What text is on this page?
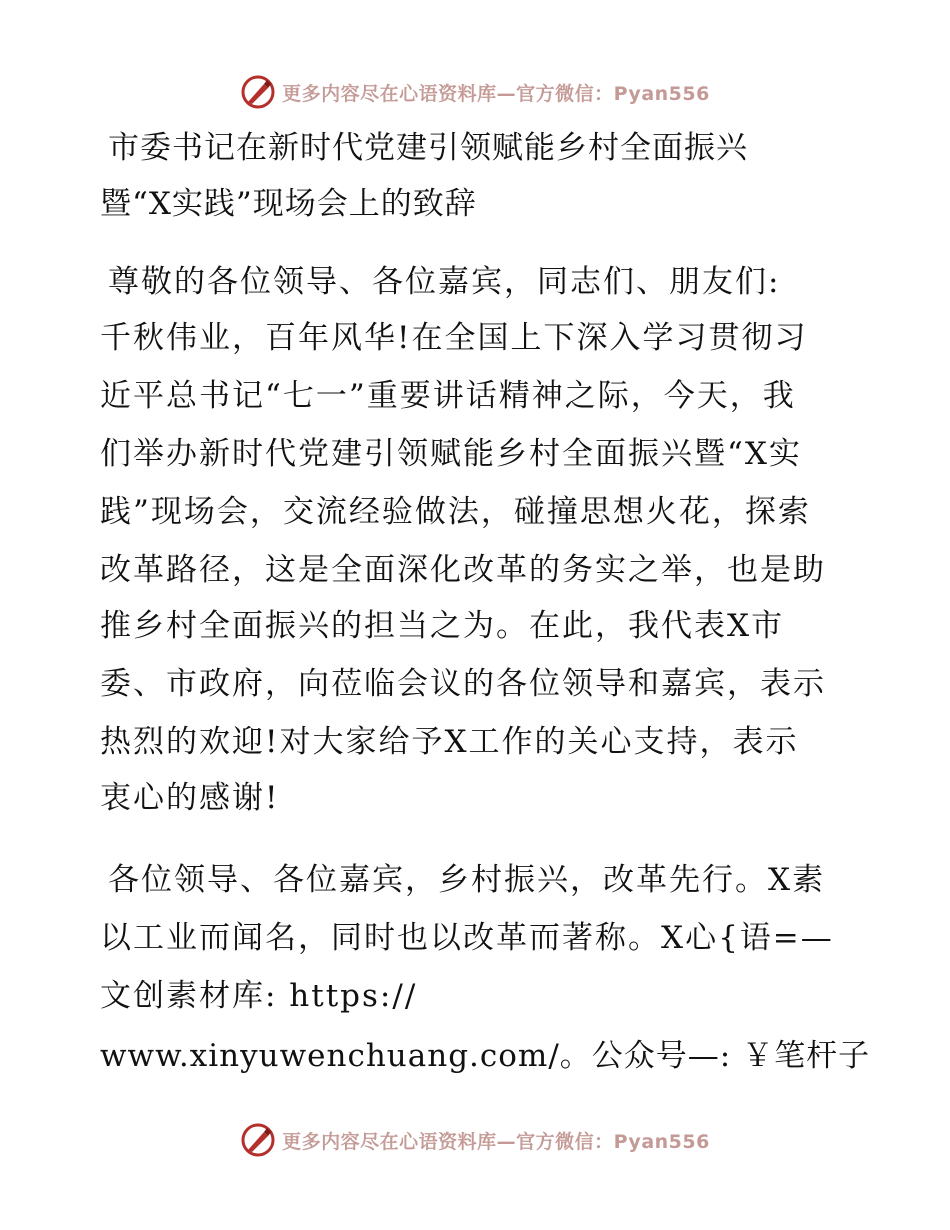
更多内容尽在心语资料库—官方微信：Pyan556
市委书记在新时代党建引领赋能乡村全面振兴
暨“X实践”现场会上的致辞
尊敬的各位领导、各位嘉宾，同志们、朋友们:
千秋伟业，百年风华!在全国上下深入学习贯彻习
近平总书记“七一”重要讲话精神之际，今天，我
们举办新时代党建引领赋能乡村全面振兴暨“X实
践”现场会，交流经验做法，碰撞思想火花，探索
改革路径，这是全面深化改革的务实之举，也是助
推乡村全面振兴的担当之为。在此，我代表X市
委、市政府，向莅临会议的各位领导和嘉宾，表示
热烈的欢迎!对大家给予X工作的关心支持，表示
衷心的感谢!
各位领导、各位嘉宾，乡村振兴，改革先行。X素
以工业而闻名，同时也以改革而著称。X心{语=—
文创素材库: https://
www.xinyuwenchuang.com/。公众号—: ￥笔杆子
更多内容尽在心语资料库—官方微信：Pyan556
